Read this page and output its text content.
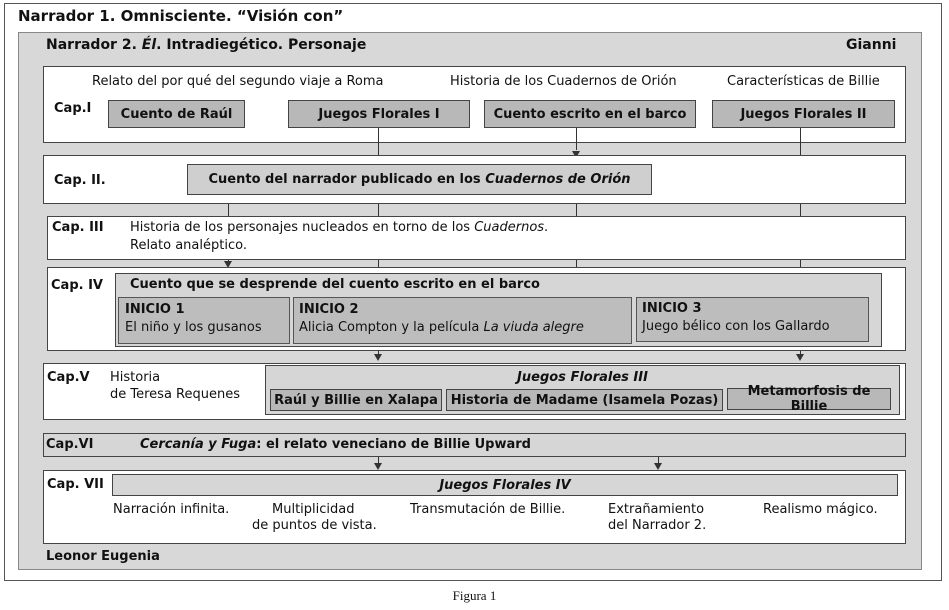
Narrador 1. Omnisciente. “Visión con”
Narrador 2. Él. Intradiegético. Personaje	Gianni
Cap.I
Relato del por qué del segundo viaje a Roma	Historia de los Cuadernos de Orión	Características de Billie
Cuento de Raúl	Juegos Florales I	Cuento escrito en el barco	Juegos Florales II
Cap. II.	Cuento del narrador publicado en los
Cuadernos de Orión
Cap. III Historia de los personajes nucleados en torno de los Cuadernos.
Relato analéptico.
Cap. IV Cuento que se desprende del cuento escrito en el barco
INICIO 1
El niño y los gusanos
INICIO 2
Alicia Compton y la película La viuda alegre
INICIO 3
Juego bélico con los Gallardo
Cap.V Historia
de Teresa Requenes
Juegos Florales III
Raúl y Billie en Xalapa Historia de Madame (Isamela Pozas)
Metamorfosis de Billie
Cap.VI	Cercanía y Fuga: el relato veneciano de Billie Upward
Cap. VII	Juegos Florales IV
Narración infinita.	Multiplicidad
de puntos de vista.
Transmutación de Billie.	Extrañamiento
del Narrador 2.
Realismo mágico.
Leonor Eugenia
Figura 1
